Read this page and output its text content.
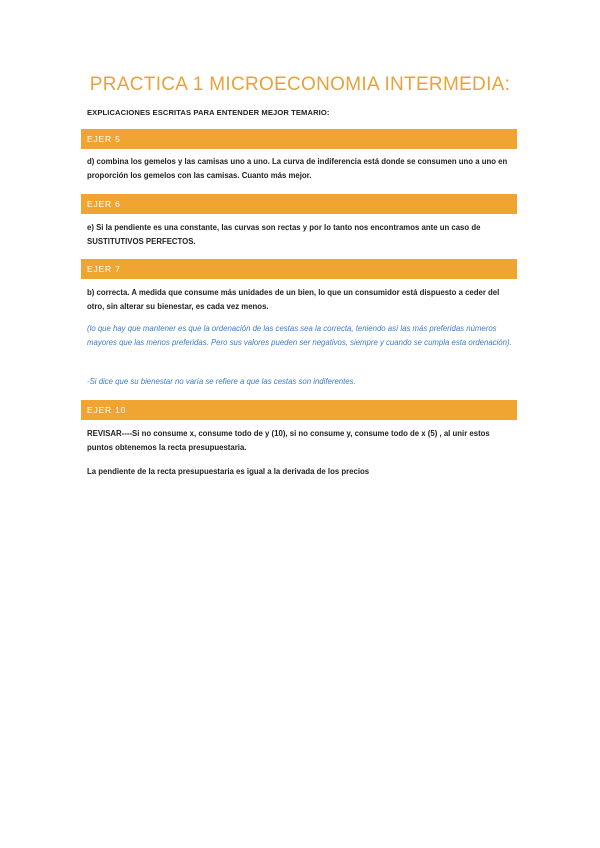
PRACTICA 1 MICROECONOMIA INTERMEDIA:
EXPLICACIONES ESCRITAS PARA ENTENDER MEJOR TEMARIO:
EJER 5
d) combina los gemelos y las camisas uno a uno. La curva de indiferencia está donde se consumen uno a uno en proporción los gemelos con las camisas. Cuanto más mejor.
EJER 6
e) Si la pendiente es una constante, las curvas son rectas y por lo tanto nos encontramos ante un caso de SUSTITUTIVOS PERFECTOS.
EJER 7
b) correcta. A medida que consume más unidades de un bien, lo que un consumidor está dispuesto a ceder del otro, sin alterar su bienestar, es cada vez menos.
(lo que hay que mantener es que la ordenación de las cestas sea la correcta, teniendo así las más preferidas números mayores que las menos preferidas. Pero sus valores pueden ser negativos, siempre y cuando se cumpla esta ordenación).
-Si dice que su bienestar no varía se refiere a que las cestas son indiferentes.
EJER 10
REVISAR----Si no consume x, consume todo de y (10), si no consume y, consume todo de x (5) , al unir estos puntos obtenemos la recta presupuestaria.
La pendiente de la recta presupuestaria es igual a la derivada de los precios
